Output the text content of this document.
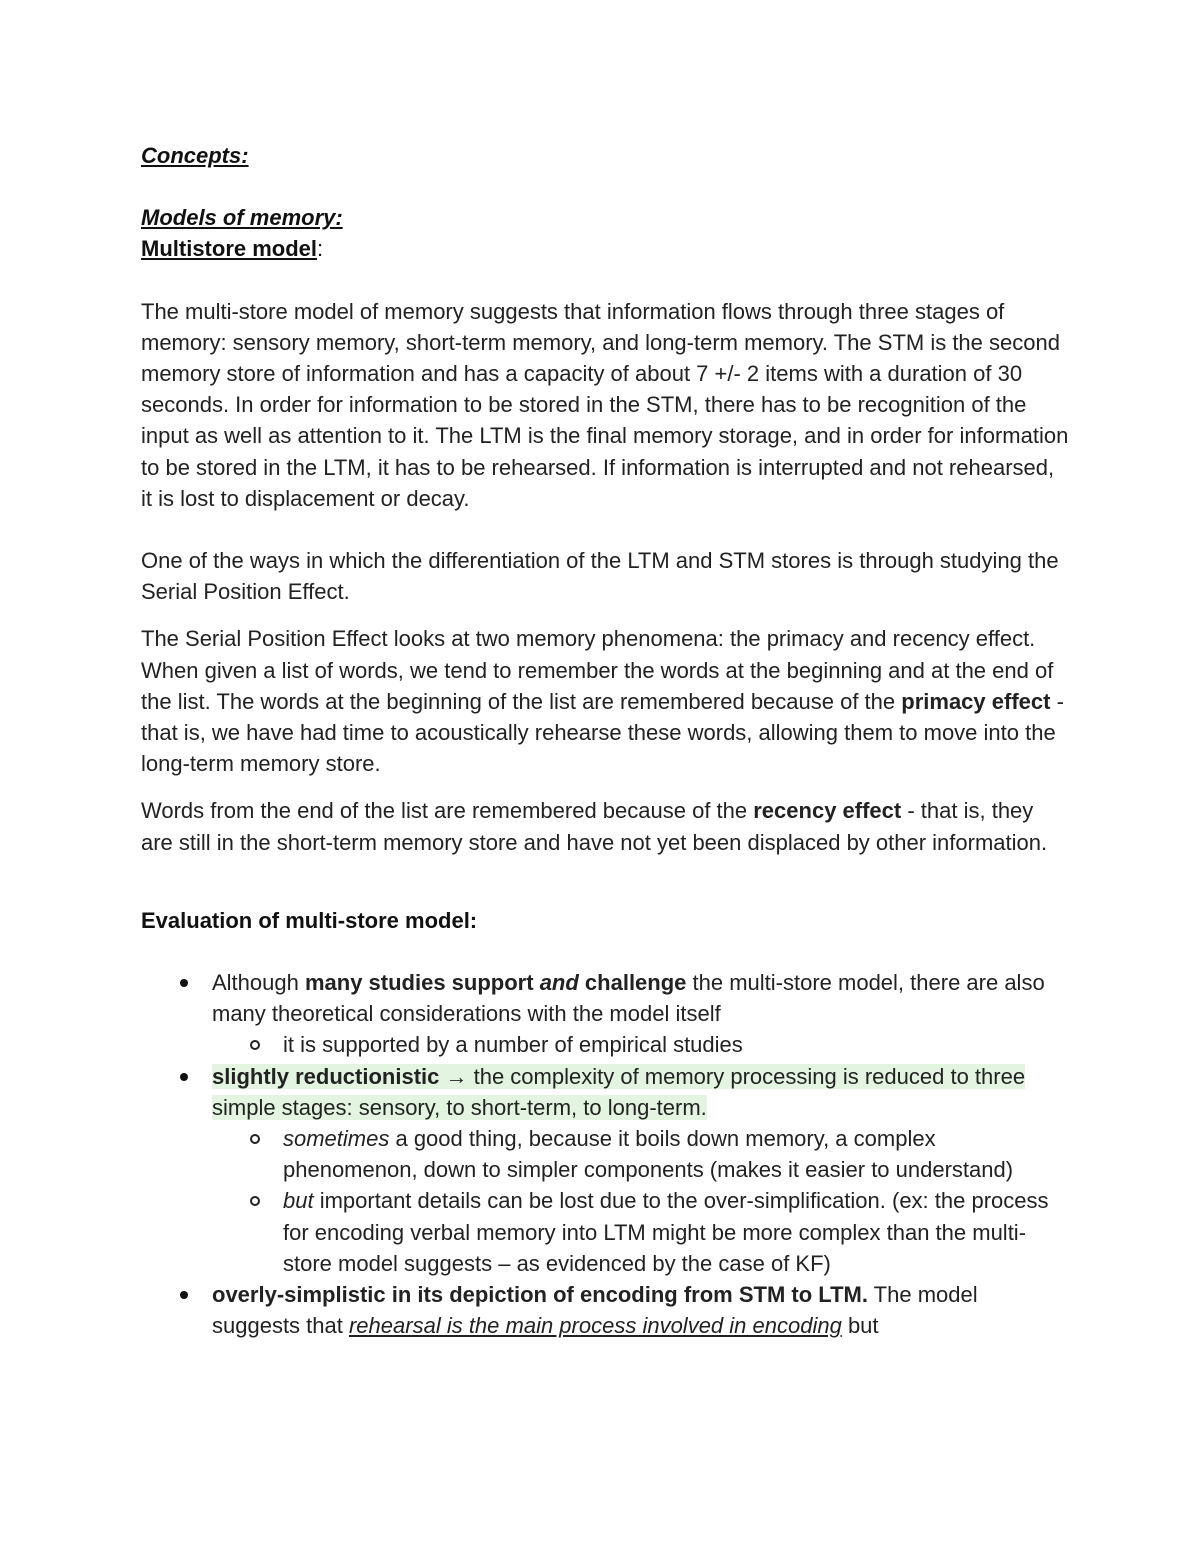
Concepts:

Models of memory:

Multistore model:

The multi-store model of memory suggests that information flows through three stages of memory: sensory memory, short-term memory, and long-term memory. The STM is the second memory store of information and has a capacity of about 7 +/- 2 items with a duration of 30 seconds. In order for information to be stored in the STM, there has to be recognition of the input as well as attention to it. The LTM is the final memory storage, and in order for information to be stored in the LTM, it has to be rehearsed. If information is interrupted and not rehearsed, it is lost to displacement or decay.

One of the ways in which the differentiation of the LTM and STM stores is through studying the Serial Position Effect.

The Serial Position Effect looks at two memory phenomena: the primacy and recency effect. When given a list of words, we tend to remember the words at the beginning and at the end of the list. The words at the beginning of the list are remembered because of the primacy effect - that is, we have had time to acoustically rehearse these words, allowing them to move into the long-term memory store.

Words from the end of the list are remembered because of the recency effect - that is, they are still in the short-term memory store and have not yet been displaced by other information.

Evaluation of multi-store model:

Although many studies support and challenge the multi-store model, there are also many theoretical considerations with the model itself
it is supported by a number of empirical studies
slightly reductionistic → the complexity of memory processing is reduced to three simple stages: sensory, to short-term, to long-term.
sometimes a good thing, because it boils down memory, a complex phenomenon, down to simpler components (makes it easier to understand)
but important details can be lost due to the over-simplification. (ex: the process for encoding verbal memory into LTM might be more complex than the multi-store model suggests – as evidenced by the case of KF)
overly-simplistic in its depiction of encoding from STM to LTM. The model suggests that rehearsal is the main process involved in encoding but
